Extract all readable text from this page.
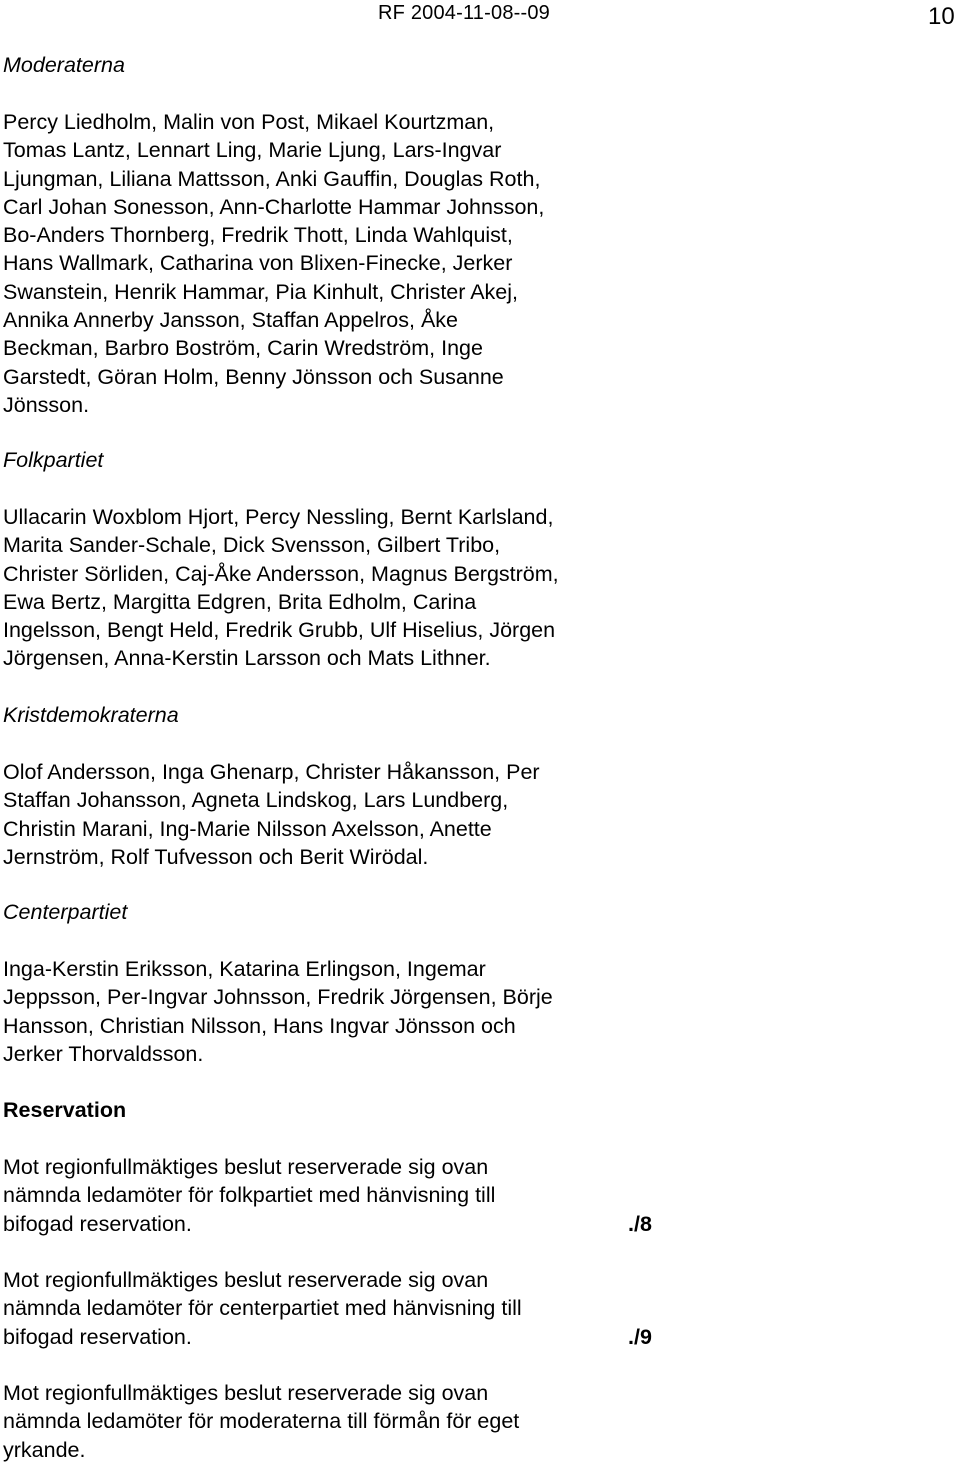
RF 2004-11-08--09	10
Moderaterna
Percy Liedholm, Malin von Post, Mikael Kourtzman,
Tomas Lantz, Lennart Ling, Marie Ljung, Lars-Ingvar
Ljungman, Liliana Mattsson, Anki Gauffin, Douglas Roth,
Carl Johan Sonesson, Ann-Charlotte Hammar Johnsson,
Bo-Anders Thornberg, Fredrik Thott, Linda Wahlquist,
Hans Wallmark, Catharina von Blixen-Finecke, Jerker
Swanstein, Henrik Hammar, Pia Kinhult, Christer Akej,
Annika Annerby Jansson, Staffan Appelros, Åke
Beckman, Barbro Boström, Carin Wredström, Inge
Garstedt, Göran Holm, Benny Jönsson och Susanne
Jönsson.
Folkpartiet
Ullacarin Woxblom Hjort, Percy Nessling, Bernt Karlsland,
Marita Sander-Schale, Dick Svensson, Gilbert Tribo,
Christer Sörliden, Caj-Åke Andersson, Magnus Bergström,
Ewa Bertz, Margitta Edgren, Brita Edholm, Carina
Ingelsson, Bengt Held, Fredrik Grubb, Ulf Hiselius, Jörgen
Jörgensen, Anna-Kerstin Larsson och Mats Lithner.
Kristdemokraterna
Olof Andersson, Inga Ghenarp, Christer Håkansson, Per
Staffan Johansson, Agneta Lindskog, Lars Lundberg,
Christin Marani, Ing-Marie Nilsson Axelsson, Anette
Jernström, Rolf Tufvesson och Berit Wirödal.
Centerpartiet
Inga-Kerstin Eriksson, Katarina Erlingson, Ingemar
Jeppsson, Per-Ingvar Johnsson, Fredrik Jörgensen, Börje
Hansson, Christian Nilsson, Hans Ingvar Jönsson och
Jerker Thorvaldsson.
Reservation
Mot regionfullmäktiges beslut reserverade sig ovan
nämnda ledamöter för folkpartiet med hänvisning till
bifogad reservation.	./8
Mot regionfullmäktiges beslut reserverade sig ovan
nämnda ledamöter för centerpartiet med hänvisning till
bifogad reservation.	./9
Mot regionfullmäktiges beslut reserverade sig ovan
nämnda ledamöter för moderaterna till förmån för eget
yrkande.
